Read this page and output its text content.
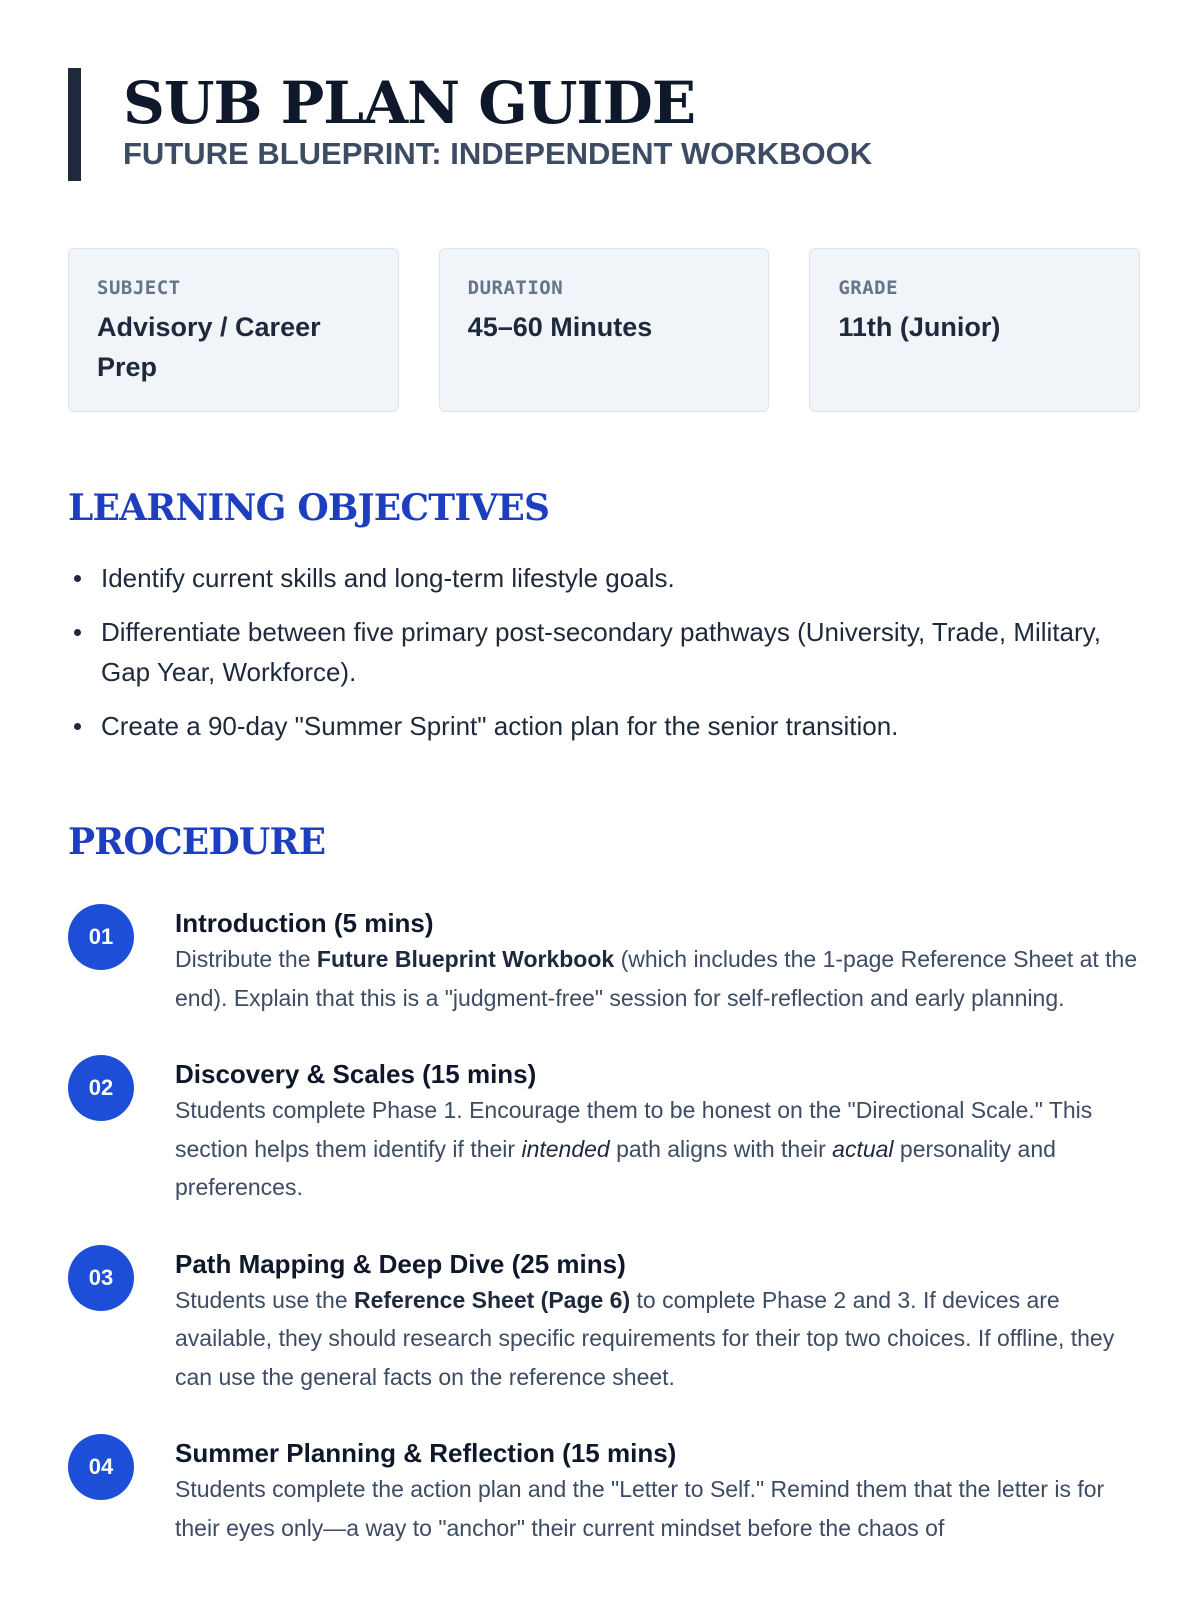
SUB PLAN GUIDE
FUTURE BLUEPRINT: INDEPENDENT WORKBOOK
SUBJECT
Advisory / Career Prep
DURATION
45–60 Minutes
GRADE
11th (Junior)
LEARNING OBJECTIVES
Identify current skills and long-term lifestyle goals.
Differentiate between five primary post-secondary pathways (University, Trade, Military, Gap Year, Workforce).
Create a 90-day "Summer Sprint" action plan for the senior transition.
PROCEDURE
01	Introduction (5 mins)
Distribute the Future Blueprint Workbook (which includes the 1-page Reference Sheet at the end). Explain that this is a "judgment-free" session for self-reflection and early planning.
02	Discovery & Scales (15 mins)
Students complete Phase 1. Encourage them to be honest on the "Directional Scale." This section helps them identify if their intended path aligns with their actual personality and preferences.
03	Path Mapping & Deep Dive (25 mins)
Students use the Reference Sheet (Page 6) to complete Phase 2 and 3. If devices are available, they should research specific requirements for their top two choices. If offline, they can use the general facts on the reference sheet.
04	Summer Planning & Reflection (15 mins)
Students complete the action plan and the "Letter to Self." Remind them that the letter is for their eyes only—a way to "anchor" their current mindset before the chaos of
